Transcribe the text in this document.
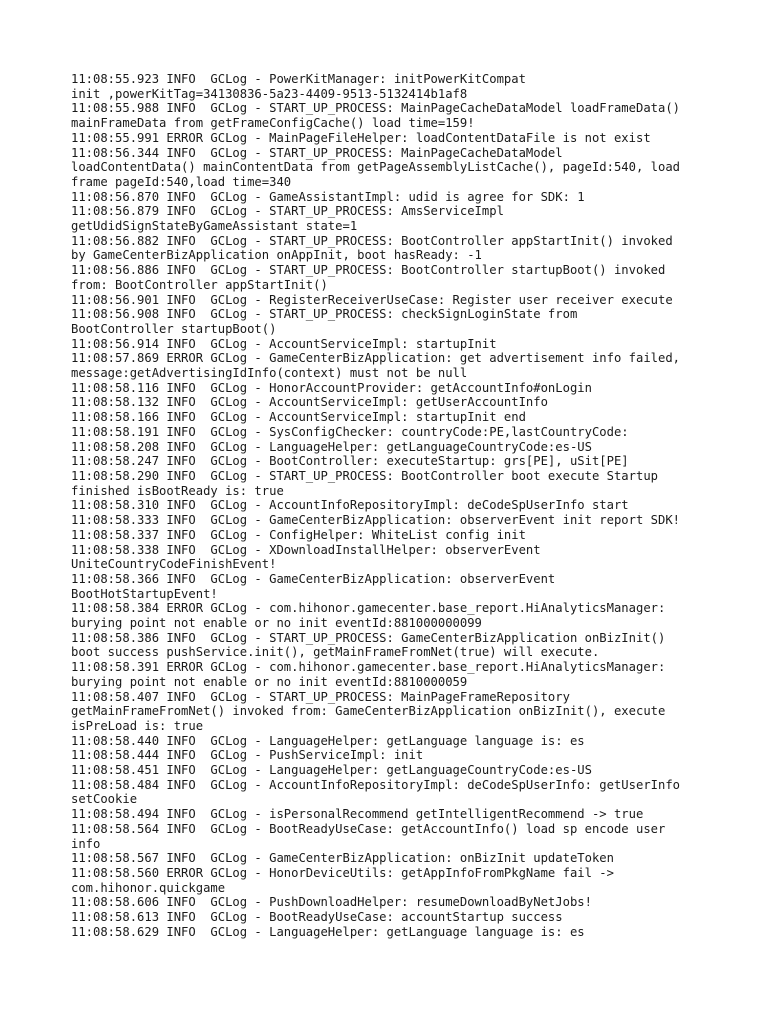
11:08:55.923 INFO  GCLog - PowerKitManager: initPowerKitCompat
init ,powerKitTag=34130836-5a23-4409-9513-5132414b1af8
11:08:55.988 INFO  GCLog - START_UP_PROCESS: MainPageCacheDataModel loadFrameData()
mainFrameData from getFrameConfigCache() load time=159!
11:08:55.991 ERROR GCLog - MainPageFileHelper: loadContentDataFile is not exist
11:08:56.344 INFO  GCLog - START_UP_PROCESS: MainPageCacheDataModel
loadContentData() mainContentData from getPageAssemblyListCache(), pageId:540, load
frame pageId:540,load time=340
11:08:56.870 INFO  GCLog - GameAssistantImpl: udid is agree for SDK: 1
11:08:56.879 INFO  GCLog - START_UP_PROCESS: AmsServiceImpl
getUdidSignStateByGameAssistant state=1
11:08:56.882 INFO  GCLog - START_UP_PROCESS: BootController appStartInit() invoked
by GameCenterBizApplication onAppInit, boot hasReady: -1
11:08:56.886 INFO  GCLog - START_UP_PROCESS: BootController startupBoot() invoked
from: BootController appStartInit()
11:08:56.901 INFO  GCLog - RegisterReceiverUseCase: Register user receiver execute
11:08:56.908 INFO  GCLog - START_UP_PROCESS: checkSignLoginState from
BootController startupBoot()
11:08:56.914 INFO  GCLog - AccountServiceImpl: startupInit
11:08:57.869 ERROR GCLog - GameCenterBizApplication: get advertisement info failed,
message:getAdvertisingIdInfo(context) must not be null
11:08:58.116 INFO  GCLog - HonorAccountProvider: getAccountInfo#onLogin
11:08:58.132 INFO  GCLog - AccountServiceImpl: getUserAccountInfo
11:08:58.166 INFO  GCLog - AccountServiceImpl: startupInit end
11:08:58.191 INFO  GCLog - SysConfigChecker: countryCode:PE,lastCountryCode:
11:08:58.208 INFO  GCLog - LanguageHelper: getLanguageCountryCode:es-US
11:08:58.247 INFO  GCLog - BootController: executeStartup: grs[PE], uSit[PE]
11:08:58.290 INFO  GCLog - START_UP_PROCESS: BootController boot execute Startup
finished isBootReady is: true
11:08:58.310 INFO  GCLog - AccountInfoRepositoryImpl: deCodeSpUserInfo start
11:08:58.333 INFO  GCLog - GameCenterBizApplication: observerEvent init report SDK!
11:08:58.337 INFO  GCLog - ConfigHelper: WhiteList config init
11:08:58.338 INFO  GCLog - XDownloadInstallHelper: observerEvent
UniteCountryCodeFinishEvent!
11:08:58.366 INFO  GCLog - GameCenterBizApplication: observerEvent
BootHotStartupEvent!
11:08:58.384 ERROR GCLog - com.hihonor.gamecenter.base_report.HiAnalyticsManager:
burying point not enable or no init eventId:881000000099
11:08:58.386 INFO  GCLog - START_UP_PROCESS: GameCenterBizApplication onBizInit()
boot success pushService.init(), getMainFrameFromNet(true) will execute.
11:08:58.391 ERROR GCLog - com.hihonor.gamecenter.base_report.HiAnalyticsManager:
burying point not enable or no init eventId:8810000059
11:08:58.407 INFO  GCLog - START_UP_PROCESS: MainPageFrameRepository
getMainFrameFromNet() invoked from: GameCenterBizApplication onBizInit(), execute
isPreLoad is: true
11:08:58.440 INFO  GCLog - LanguageHelper: getLanguage language is: es
11:08:58.444 INFO  GCLog - PushServiceImpl: init
11:08:58.451 INFO  GCLog - LanguageHelper: getLanguageCountryCode:es-US
11:08:58.484 INFO  GCLog - AccountInfoRepositoryImpl: deCodeSpUserInfo: getUserInfo
setCookie
11:08:58.494 INFO  GCLog - isPersonalRecommend getIntelligentRecommend -> true
11:08:58.564 INFO  GCLog - BootReadyUseCase: getAccountInfo() load sp encode user
info
11:08:58.567 INFO  GCLog - GameCenterBizApplication: onBizInit updateToken
11:08:58.560 ERROR GCLog - HonorDeviceUtils: getAppInfoFromPkgName fail ->
com.hihonor.quickgame
11:08:58.606 INFO  GCLog - PushDownloadHelper: resumeDownloadByNetJobs!
11:08:58.613 INFO  GCLog - BootReadyUseCase: accountStartup success
11:08:58.629 INFO  GCLog - LanguageHelper: getLanguage language is: es
